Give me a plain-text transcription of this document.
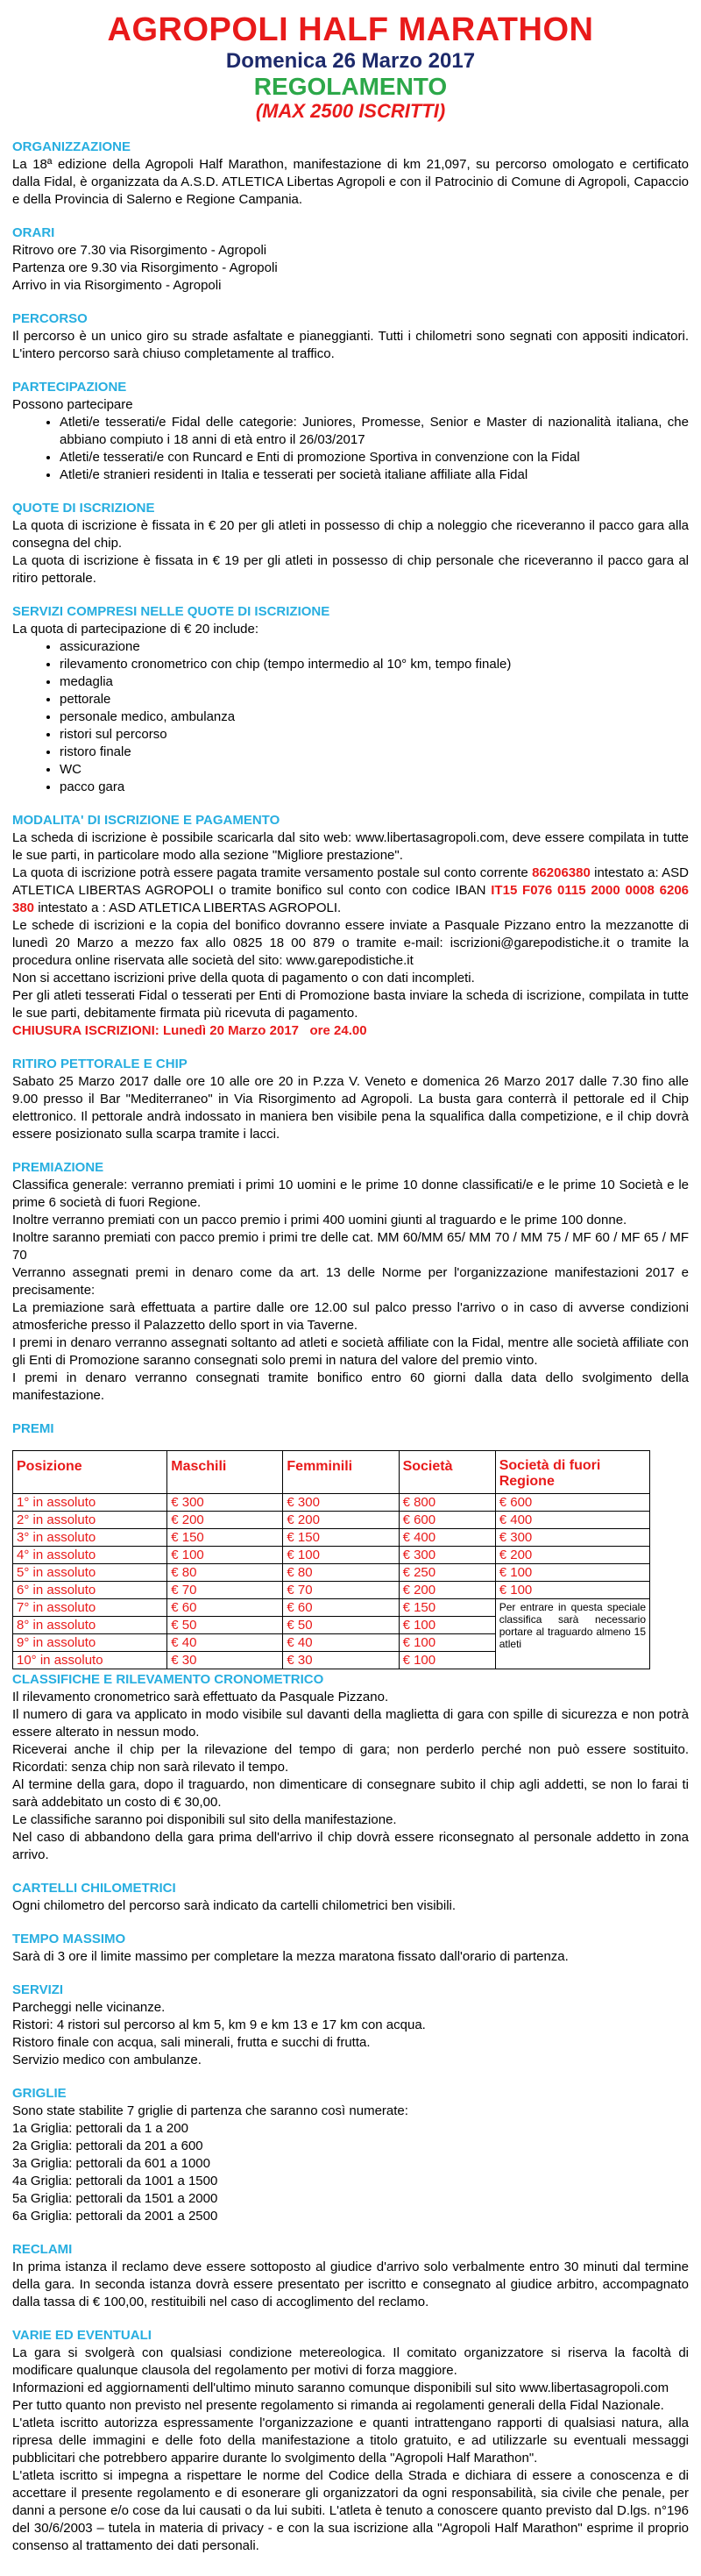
AGROPOLI HALF MARATHON
Domenica 26 Marzo 2017
REGOLAMENTO
(MAX 2500 ISCRITTI)
ORGANIZZAZIONE
La 18ª edizione della Agropoli Half Marathon, manifestazione di km 21,097, su percorso omologato e certificato dalla Fidal, è organizzata da A.S.D. ATLETICA Libertas Agropoli e con il Patrocinio di Comune di Agropoli, Capaccio e della Provincia di Salerno e Regione Campania.
ORARI
Ritrovo ore 7.30 via Risorgimento - Agropoli
Partenza ore 9.30 via Risorgimento - Agropoli
Arrivo in via Risorgimento - Agropoli
PERCORSO
Il percorso è un unico giro su strade asfaltate e pianeggianti. Tutti i chilometri sono segnati con appositi indicatori. L'intero percorso sarà chiuso completamente al traffico.
PARTECIPAZIONE
Possono partecipare
• Atleti/e tesserati/e Fidal delle categorie: Juniores, Promesse, Senior e Master di nazionalità italiana, che abbiano compiuto i 18 anni di età entro il 26/03/2017
• Atleti/e tesserati/e con Runcard e Enti di promozione Sportiva in convenzione con la Fidal
• Atleti/e stranieri residenti in Italia e tesserati per società italiane affiliate alla Fidal
QUOTE DI ISCRIZIONE
La quota di iscrizione è fissata in € 20 per gli atleti in possesso di chip a noleggio che riceveranno il pacco gara alla consegna del chip.
La quota di iscrizione è fissata in € 19 per gli atleti in possesso di chip personale che riceveranno il pacco gara al ritiro pettorale.
SERVIZI COMPRESI NELLE QUOTE DI ISCRIZIONE
La quota di partecipazione di € 20 include:
• assicurazione
• rilevamento cronometrico con chip (tempo intermedio al 10° km, tempo finale)
• medaglia
• pettorale
• personale medico, ambulanza
• ristori sul percorso
• ristoro finale
• WC
• pacco gara
MODALITA' DI ISCRIZIONE E PAGAMENTO
La scheda di iscrizione è possibile scaricarla dal sito web: www.libertasagropoli.com, deve essere compilata in tutte le sue parti, in particolare modo alla sezione "Migliore prestazione".
La quota di iscrizione potrà essere pagata tramite versamento postale sul conto corrente 86206380 intestato a: ASD ATLETICA LIBERTAS AGROPOLI o tramite bonifico sul conto con codice IBAN IT15 F076 0115 2000 0008 6206 380 intestato a : ASD ATLETICA LIBERTAS AGROPOLI.
Le schede di iscrizioni e la copia del bonifico dovranno essere inviate a Pasquale Pizzano entro la mezzanotte di lunedì 20 Marzo a mezzo fax allo 0825 18 00 879 o tramite e-mail: iscrizioni@garepodistiche.it o tramite la procedura online riservata alle società del sito: www.garepodistiche.it
Non si accettano iscrizioni prive della quota di pagamento o con dati incompleti.
Per gli atleti tesserati Fidal o tesserati per Enti di Promozione basta inviare la scheda di iscrizione, compilata in tutte le sue parti, debitamente firmata più ricevuta di pagamento.
CHIUSURA ISCRIZIONI: Lunedì 20 Marzo 2017   ore 24.00
RITIRO PETTORALE E CHIP
Sabato 25 Marzo 2017 dalle ore 10 alle ore 20 in P.zza V. Veneto e domenica 26 Marzo 2017 dalle 7.30 fino alle 9.00 presso il Bar "Mediterraneo" in Via Risorgimento ad Agropoli. La busta gara conterrà il pettorale ed il Chip elettronico. Il pettorale andrà indossato in maniera ben visibile pena la squalifica dalla competizione, e il chip dovrà essere posizionato sulla scarpa tramite i lacci.
PREMIAZIONE
Classifica generale: verranno premiati i primi 10 uomini e le prime 10 donne classificati/e e le prime 10 Società e le prime 6 società di fuori Regione.
Inoltre verranno premiati con un pacco premio i primi 400 uomini giunti al traguardo e le prime 100 donne.
Inoltre saranno premiati con pacco premio i primi tre delle cat. MM 60/MM 65/ MM 70 / MM 75 / MF 60 / MF 65 / MF 70
Verranno assegnati premi in denaro come da art. 13 delle Norme per l'organizzazione manifestazioni 2017 e precisamente:
La premiazione sarà effettuata a partire dalle ore 12.00 sul palco presso l'arrivo o in caso di avverse condizioni atmosferiche presso il Palazzetto dello sport in via Taverne.
I premi in denaro verranno assegnati soltanto ad atleti e società affiliate con la Fidal, mentre alle società affiliate con gli Enti di Promozione saranno consegnati solo premi in natura del valore del premio vinto.
I premi in denaro verranno consegnati tramite bonifico entro 60 giorni dalla data dello svolgimento della manifestazione.
PREMI
Posizione	Maschili	Femminili	Società	Società di fuori Regione
1° in assoluto	€ 300	€ 300	€ 800	€ 600
2° in assoluto	€ 200	€ 200	€ 600	€ 400
3° in assoluto	€ 150	€ 150	€ 400	€ 300
4° in assoluto	€ 100	€ 100	€ 300	€ 200
5° in assoluto	€ 80	€ 80	€ 250	€ 100
6° in assoluto	€ 70	€ 70	€ 200	€ 100
7° in assoluto	€ 60	€ 60	€ 150	Per entrare in questa speciale classifica sarà necessario portare al traguardo almeno 15 atleti
8° in assoluto	€ 50	€ 50	€ 100	
9° in assoluto	€ 40	€ 40	€ 100	
10° in assoluto	€ 30	€ 30	€ 100	
CLASSIFICHE E RILEVAMENTO CRONOMETRICO
Il rilevamento cronometrico sarà effettuato da Pasquale Pizzano.
Il numero di gara va applicato in modo visibile sul davanti della maglietta di gara con spille di sicurezza e non potrà essere alterato in nessun modo.
Riceverai anche il chip per la rilevazione del tempo di gara; non perderlo perché non può essere sostituito. Ricordati: senza chip non sarà rilevato il tempo.
Al termine della gara, dopo il traguardo, non dimenticare di consegnare subito il chip agli addetti, se non lo farai ti sarà addebitato un costo di € 30,00.
Le classifiche saranno poi disponibili sul sito della manifestazione.
Nel caso di abbandono della gara prima dell'arrivo il chip dovrà essere riconsegnato al personale addetto in zona arrivo.
CARTELLI CHILOMETRICI
Ogni chilometro del percorso sarà indicato da cartelli chilometrici ben visibili.
TEMPO MASSIMO
Sarà di 3 ore il limite massimo per completare la mezza maratona fissato dall'orario di partenza.
SERVIZI
Parcheggi nelle vicinanze.
Ristori: 4 ristori sul percorso al km 5, km 9 e km 13 e 17 km con acqua.
Ristoro finale con acqua, sali minerali, frutta e succhi di frutta.
Servizio medico con ambulanze.
GRIGLIE
Sono state stabilite 7 griglie di partenza che saranno così numerate:
1a Griglia: pettorali da 1 a 200
2a Griglia: pettorali da 201 a 600
3a Griglia: pettorali da 601 a 1000
4a Griglia: pettorali da 1001 a 1500
5a Griglia: pettorali da 1501 a 2000
6a Griglia: pettorali da 2001 a 2500
RECLAMI
In prima istanza il reclamo deve essere sottoposto al giudice d'arrivo solo verbalmente entro 30 minuti dal termine della gara. In seconda istanza dovrà essere presentato per iscritto e consegnato al giudice arbitro, accompagnato dalla tassa di € 100,00, restituibili nel caso di accoglimento del reclamo.
VARIE ED EVENTUALI
La gara si svolgerà con qualsiasi condizione metereologica. Il comitato organizzatore si riserva la facoltà di modificare qualunque clausola del regolamento per motivi di forza maggiore.
Informazioni ed aggiornamenti dell'ultimo minuto saranno comunque disponibili sul sito www.libertasagropoli.com
Per tutto quanto non previsto nel presente regolamento si rimanda ai regolamenti generali della Fidal Nazionale.
L'atleta iscritto autorizza espressamente l'organizzazione e quanti intrattengano rapporti di qualsiasi natura, alla ripresa delle immagini e delle foto della manifestazione a titolo gratuito, e ad utilizzarle su eventuali messaggi pubblicitari che potrebbero apparire durante lo svolgimento della "Agropoli Half Marathon".
L'atleta iscritto si impegna a rispettare le norme del Codice della Strada e dichiara di essere a conoscenza e di accettare il presente regolamento e di esonerare gli organizzatori da ogni responsabilità, sia civile che penale, per danni a persone e/o cose da lui causati o da lui subiti. L'atleta è tenuto a conoscere quanto previsto dal D.lgs. n°196 del 30/6/2003 – tutela in materia di privacy - e con la sua iscrizione alla "Agropoli Half Marathon" esprime il proprio consenso al trattamento dei dati personali.
